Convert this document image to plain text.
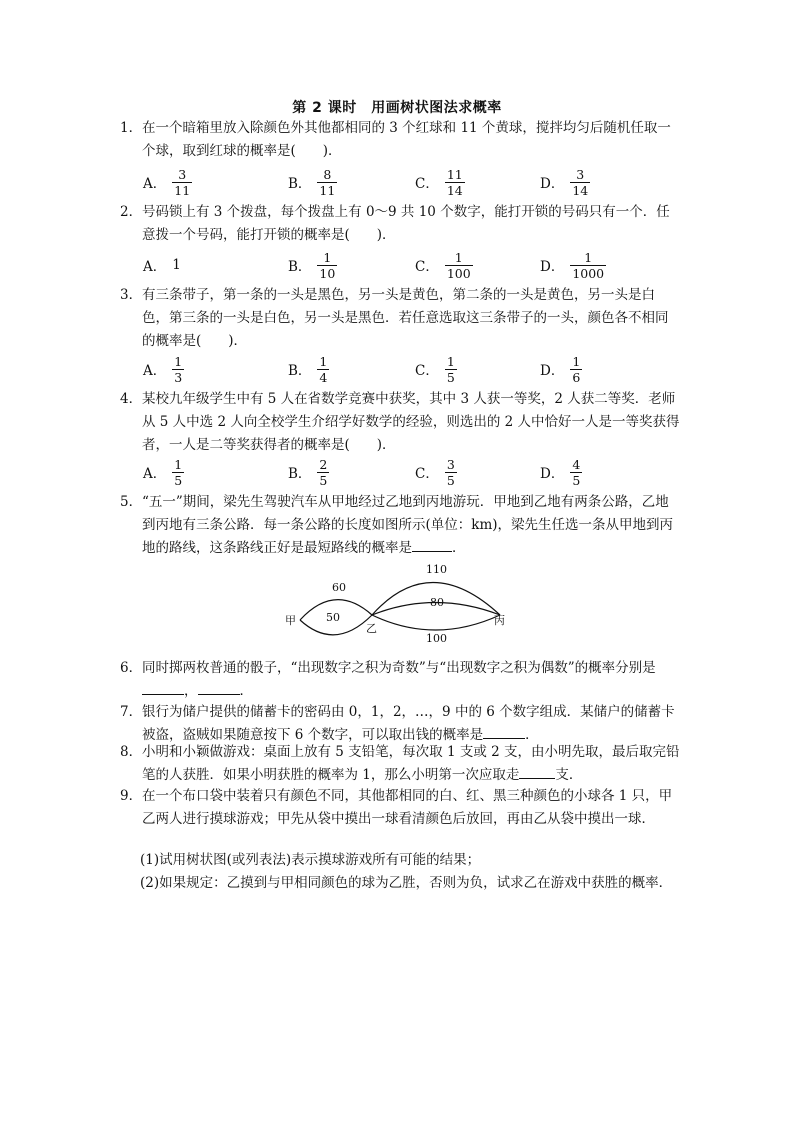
第 2 课时　用画树状图法求概率
1． 在一个暗箱里放入除颜色外其他都相同的 3 个红球和 11 个黄球，搅拌均匀后随机任取一个球，取到红球的概率是(　　)．
A． $\frac{3}{11}$	B． $\frac{8}{11}$	C． $\frac{11}{14}$	D． $\frac{3}{14}$
2． 号码锁上有 3 个拨盘，每个拨盘上有 0～9 共 10 个数字，能打开锁的号码只有一个．任意拨一个号码，能打开锁的概率是(　　)．
A． 1	B． $\frac{1}{10}$	C． $\frac{1}{100}$	D． $\frac{1}{1000}$
3． 有三条带子，第一条的一头是黑色，另一头是黄色，第二条的一头是黄色，另一头是白色，第三条的一头是白色，另一头是黑色．若任意选取这三条带子的一头，颜色各不相同的概率是(　　)．
A． $\frac{1}{3}$	B． $\frac{1}{4}$	C． $\frac{1}{5}$	D． $\frac{1}{6}$
4． 某校九年级学生中有 5 人在省数学竞赛中获奖，其中 3 人获一等奖，2 人获二等奖．老师从 5 人中选 2 人向全校学生介绍学好数学的经验，则选出的 2 人中恰好一人是一等奖获得者，一人是二等奖获得者的概率是(　　)．
A． $\frac{1}{5}$	B． $\frac{2}{5}$	C． $\frac{3}{5}$	D． $\frac{4}{5}$
5． “五一”期间，梁先生驾驶汽车从甲地经过乙地到丙地游玩．甲地到乙地有两条公路，乙地到丙地有三条公路．每一条公路的长度如图所示(单位：km)，梁先生任选一条从甲地到丙地的路线，这条路线正好是最短路线的概率是	．
甲
乙
丙
60
50
110
80
100
6． 同时掷两枚普通的骰子，“出现数字之积为奇数”与“出现数字之积为偶数”的概率分别是，	．
7． 银行为储户提供的储蓄卡的密码由 0，1，2，…，9 中的 6 个数字组成．某储户的储蓄卡被盗，盗贼如果随意按下 6 个数字，可以取出钱的概率是	．
8． 小明和小颖做游戏：桌面上放有 5 支铅笔，每次取 1 支或 2 支，由小明先取，最后取完铅笔的人获胜．如果小明获胜的概率为 1，那么小明第一次应取走	支．
9． 在一个布口袋中装着只有颜色不同，其他都相同的白、红、黑三种颜色的小球各 1 只，甲乙两人进行摸球游戏；甲先从袋中摸出一球看清颜色后放回，再由乙从袋中摸出一球．
(1)试用树状图(或列表法)表示摸球游戏所有可能的结果；
(2)如果规定：乙摸到与甲相同颜色的球为乙胜，否则为负，试求乙在游戏中获胜的概率．
